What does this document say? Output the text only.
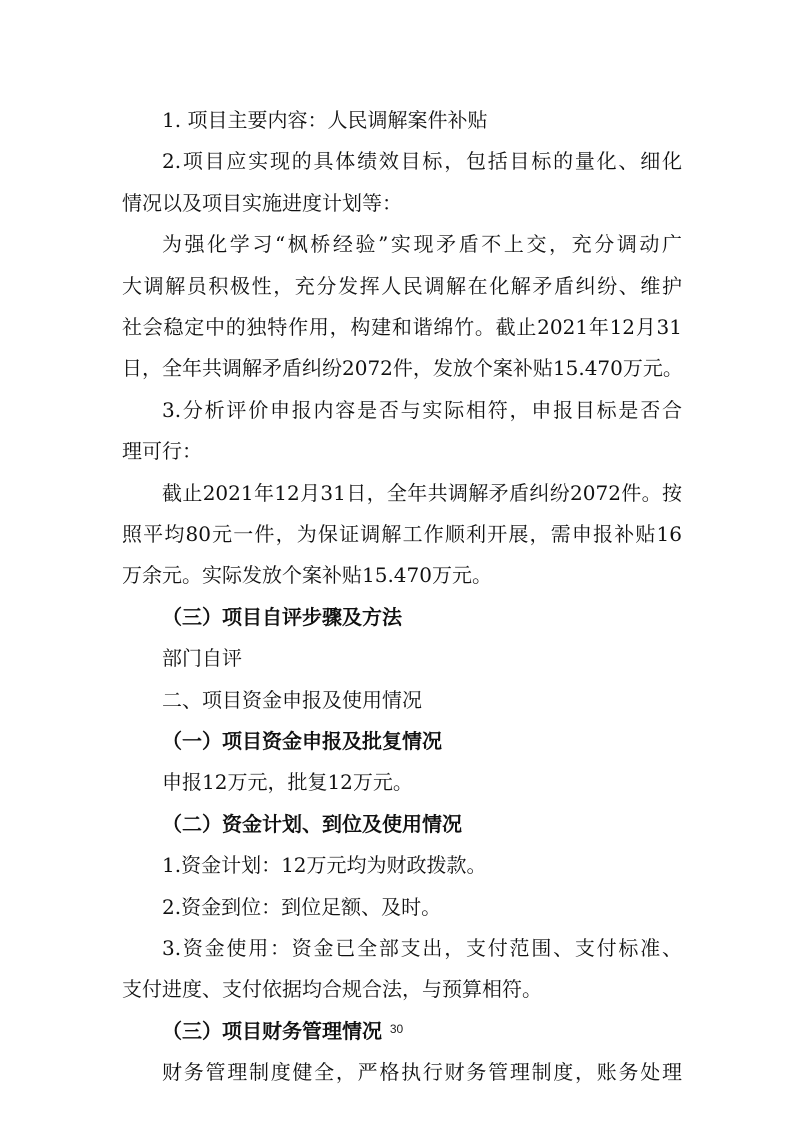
1. 项目主要内容：人民调解案件补贴
2.项目应实现的具体绩效目标，包括目标的量化、细化
情况以及项目实施进度计划等：
为强化学习“枫桥经验”实现矛盾不上交，充分调动广
大调解员积极性，充分发挥人民调解在化解矛盾纠纷、维护
社会稳定中的独特作用，构建和谐绵竹。截止2021年12月31
日，全年共调解矛盾纠纷2072件，发放个案补贴15.470万元。
3.分析评价申报内容是否与实际相符，申报目标是否合
理可行：
截止2021年12月31日，全年共调解矛盾纠纷2072件。按
照平均80元一件，为保证调解工作顺利开展，需申报补贴16
万余元。实际发放个案补贴15.470万元。
（三）项目自评步骤及方法
部门自评
二、项目资金申报及使用情况
（一）项目资金申报及批复情况
申报12万元，批复12万元。
（二）资金计划、到位及使用情况
1.资金计划：12万元均为财政拨款。
2.资金到位：到位足额、及时。
3.资金使用：资金已全部支出，支付范围、支付标准、
支付进度、支付依据均合规合法，与预算相符。
（三）项目财务管理情况
财务管理制度健全，严格执行财务管理制度，账务处理
30
